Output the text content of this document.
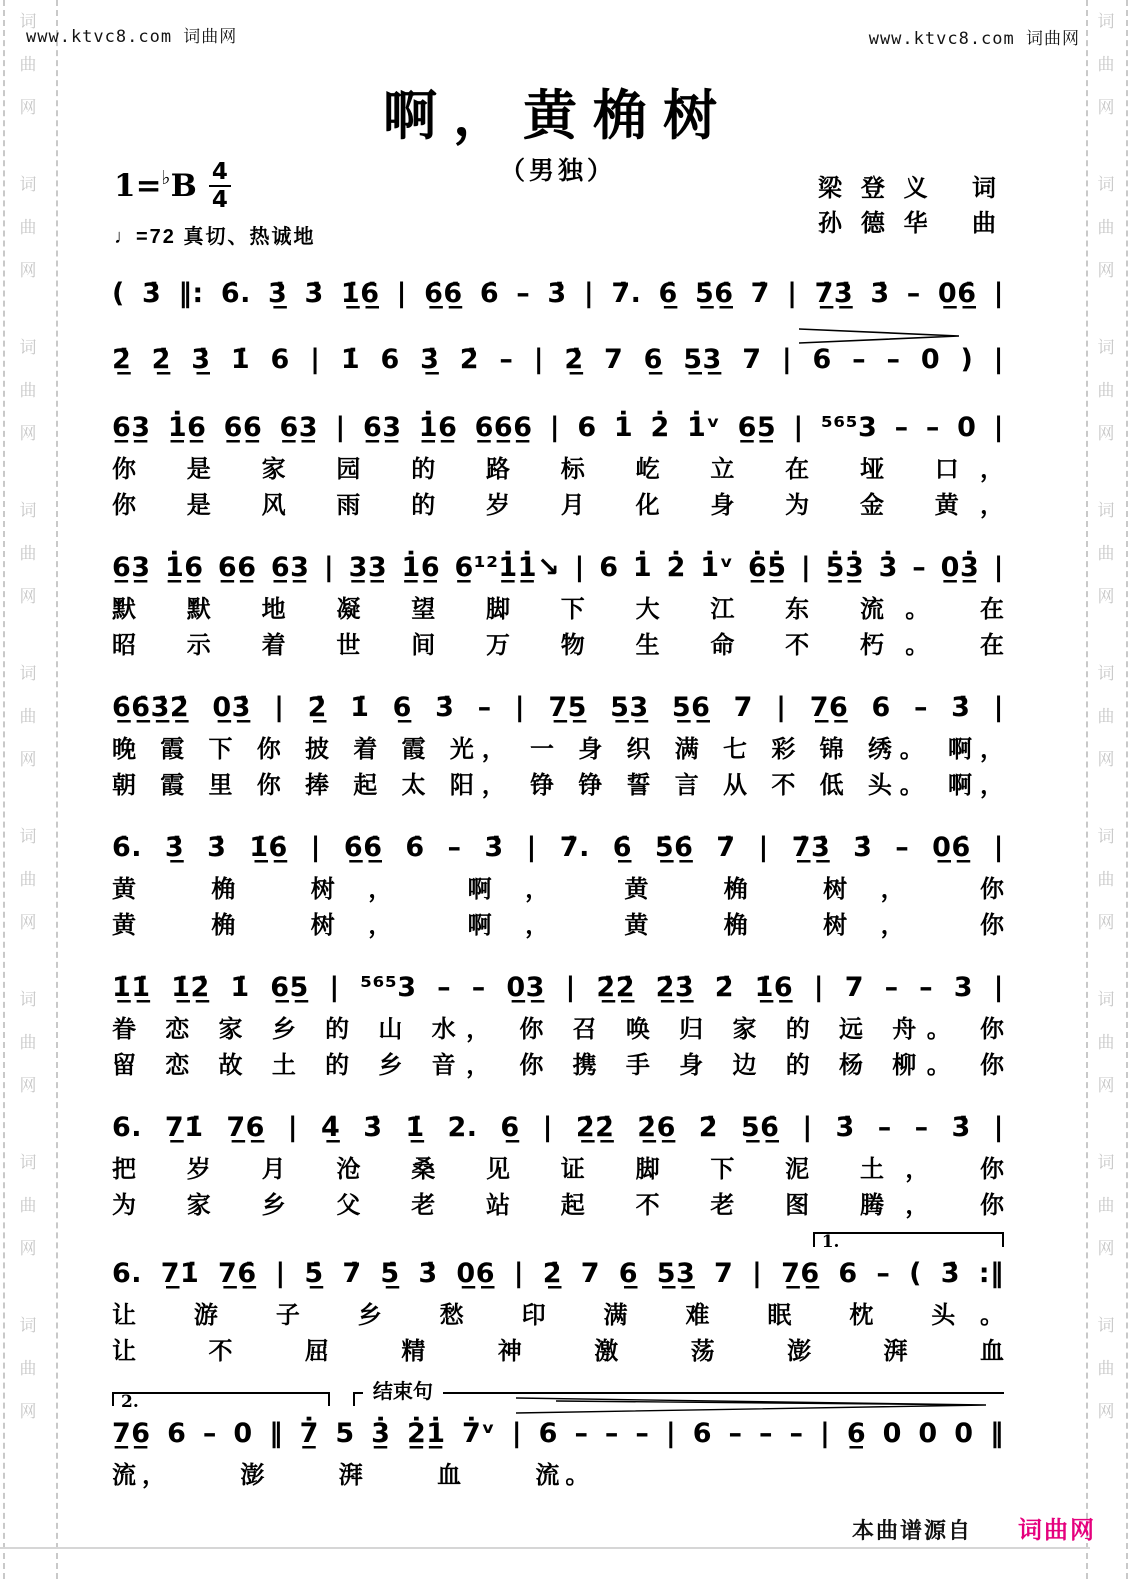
词
曲
网
词
曲
网
词
曲
网
词
曲
网
词
曲
网
词
曲
网
词
曲
网
词
曲
网
词
曲
网
词
曲
网
词
曲
网
词
曲
网
词
曲
网
词
曲
网
词
曲
网
词
曲
网
词
曲
网
词
曲
网
www.ktvc8.com 词曲网	www.ktvc8.com 词曲网
啊，黄桷树
（男独）
1= ♭ B $\frac{4}{4}$
♩=72 真切、热诚地
梁登义 词
孙德华 曲
( 3̇ ‖: 6̇. 3̲̇ 3̇ 1̲̇6̲̇ | 6̲̇6̲̇ 6̇ – 3̇ | 7̇. 6̲̇ 5̲̇6̲̇ 7̇ | 7̲̇3̲̇ 3̇ – 0̲6̲̇ |
2̲̇ 2̲̇ 3̲̇ 1̇ 6 | 1̇ 6 3̲̇ 2̇ – | 2̲̇ 7 6̲ 5̲3̲ 7 | 6 – – 0 ) |
6̲3̲ 1̲̇6̲ 6̲6̲ 6̲3̲ | 6̲3̲ 1̲̇6̲ 6̲6̲6̲ | 6 1̇ 2̇ 1̇ᵛ 6̲5̲ | ⁵⁶⁵3 – – 0 |
你 是 家 园 的 路 标 屹 立 在 垭 口，
你 是 风 雨 的 岁 月 化 身 为 金 黄，
6̲3̲ 1̲̇6̲ 6̲6̲ 6̲3̲ | 3̲3̲ 1̲̇6̲ 6̲¹²1̲̇1̲̇↘ | 6 1̇ 2̇ 1̇ᵛ 6̲̇5̲̇ | 5̲̇3̲̇ 3̇ – 0̲3̲̇ |
默 默 地 凝 望 脚 下 大 江 东 流。 在
昭 示 着 世 间 万 物 生 命 不 朽。 在
6̲̇6̲̇3̲̇2̲̇ 0̲3̲̇ | 2̲̇ 1̇ 6̲ 3̇ – | 7̲5̲ 5̲3̲ 5̲6̲ 7 | 7̲6̲ 6 – 3̇ |
晚 霞 下 你 披 着 霞 光， 一 身 织 满 七 彩 锦 绣。 啊，
朝 霞 里 你 捧 起 太 阳， 铮 铮 誓 言 从 不 低 头。 啊，
6̇. 3̲̇ 3̇ 1̲̇6̲̇ | 6̲̇6̲̇ 6̇ – 3̇ | 7̇. 6̲̇ 5̲̇6̲̇ 7̇ | 7̲̇3̲̇ 3̇ – 0̲6̲̇ |
黄 桷 树， 啊， 黄 桷 树， 你
黄 桷 树， 啊， 黄 桷 树， 你
1̲̇1̲̇ 1̲̇2̲̇ 1̇ 6̲5̲ | ⁵⁶⁵3 – – 0̲3̲ | 2̲̇2̲̇ 2̲̇3̲̇ 2̇ 1̲̇6̲ | 7 – – 3 |
眷 恋 家 乡 的 山 水， 你 召 唤 归 家 的 远 舟。 你
留 恋 故 土 的 乡 音， 你 携 手 身 边 的 杨 柳。 你
6. 7̲1̇ 7̲6̲ | 4̲̇ 3̇ 1̲̇ 2. 6̲ | 2̲̇2̲̇ 2̲̇6̲ 2̇ 5̲6̲̇ | 3̇ – – 3̇ |
把 岁 月 沧 桑 见 证 脚 下 泥 土， 你
为 家 乡 父 老 站 起 不 老 图 腾， 你
1.
6. 7̲1̇ 7̲6̲̇ | 5̲̇ 7̇ 5̲̇ 3̇ 0̲6̲ | 2̲̇ 7 6̲ 5̲3̲ 7 | 7̲6̲ 6 – ( 3̇ :‖
让 游 子 乡 愁 印 满 难 眠 枕 头。
让 不 屈 精 神 激 荡 澎 湃 血
2.	结束句
7̲6̲ 6 – 0 ‖ 7̲̇ 5 3̲̇ 2̲̇1̲̇ 7̇ᵛ | 6 – – – | 6 – – – | 6̲ 0 0 0 ‖
流， 澎 湃 血 流。
本曲谱源自 词曲网
